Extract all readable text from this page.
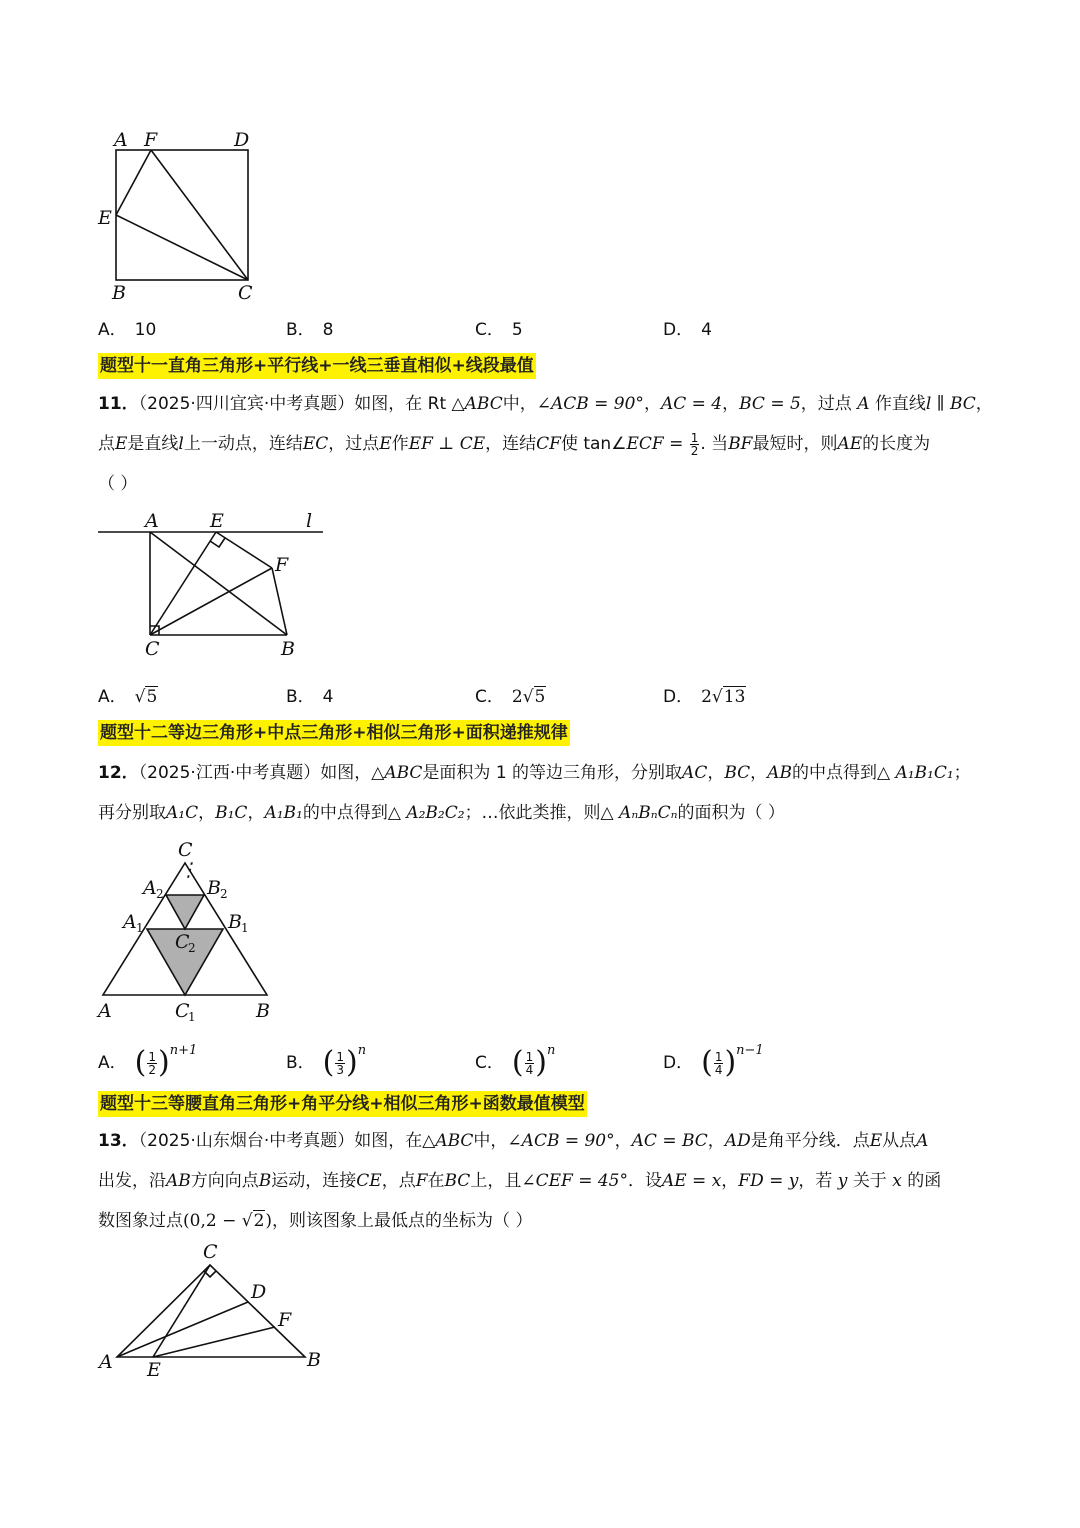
A F	D
E
B	C
A． 10	B． 8	C． 5	D． 4
题型十一直角三角形+平行线+一线三垂直相似+线段最值
11．（2025·四川宜宾·中考真题）如图，在 Rt △ABC中，∠ACB = 90°，AC = 4，BC = 5，过点 A 作直线l ∥ BC，
点E是直线l上一动点，连结EC，过点E作EF ⊥ CE，连结CF使 tan∠ECF = $\frac{1}{2}$ . 当BF最短时，则AE的长度为
（ ）
A	E	l
F
C	B
A． √5	B． 4	C． 2√5	D． 2√13
题型十二等边三角形+中点三角形+相似三角形+面积递推规律
12．（2025·江西·中考真题）如图，△ABC是面积为 1 的等边三角形，分别取AC，BC，AB的中点得到△ A₁B₁C₁；
再分别取A₁C，B₁C，A₁B₁的中点得到△ A₂B₂C₂；…依此类推，则△ AₙBₙCₙ的面积为（ ）
⋮
C
A 2 B 2
A 1	B 1
C
2
A	C
1	B
A． ( $\frac{1}{2} )^{n+1}$
B． ( $\frac{1}{3} )^n$
C． ( $\frac{1}{4} )^n$
D． ( $\frac{1}{4} )^{n-1}$
题型十三等腰直角三角形+角平分线+相似三角形+函数最值模型
13．（2025·山东烟台·中考真题）如图，在△ABC中，∠ACB = 90°，AC = BC，AD是角平分线．点E从点A
出发，沿AB方向向点B运动，连接CE，点F在BC上，且∠CEF = 45°．设AE = x，FD = y，若 y 关于 x 的函
数图象过点(0,2 − √2)，则该图象上最低点的坐标为（ ）
C
D
F
A E	B
